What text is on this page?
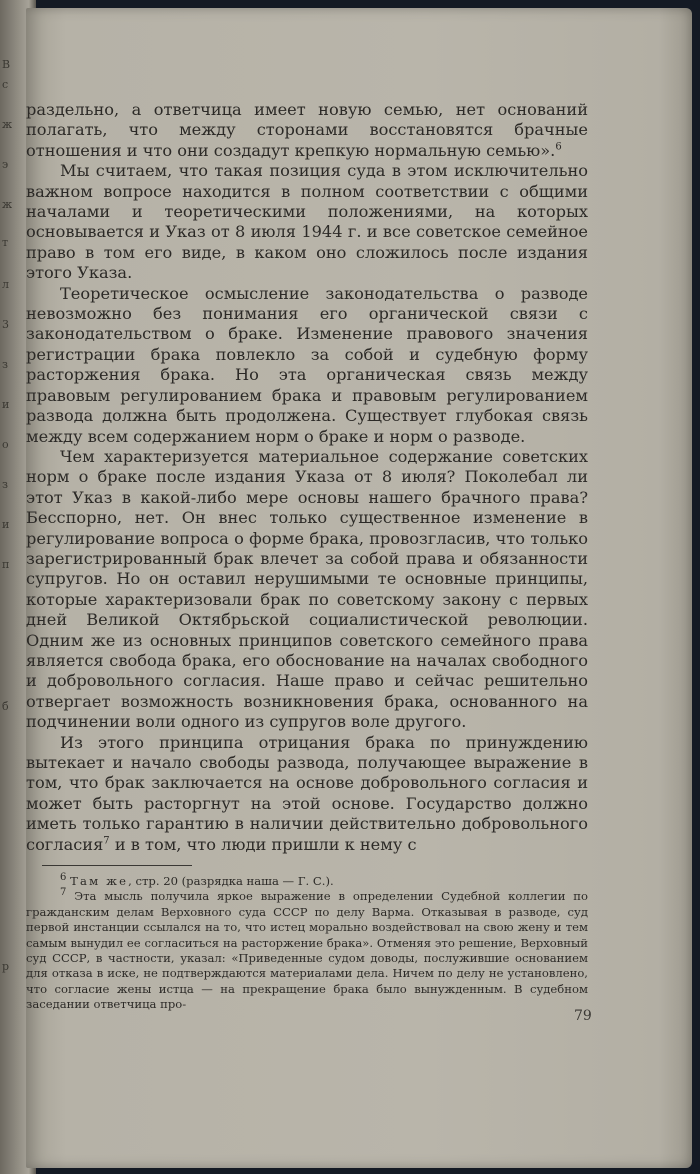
В
с
ж
э
ж
т
л
3
з
и
о
з
и
п
б
р

раздельно, а ответчица имеет новую семью, нет оснований полагать, что между сторонами восстановятся брачные отношения и что они создадут крепкую нормальную семью».$^6$

Мы считаем, что такая позиция суда в этом исключительно важном вопросе находится в полном соответствии с общими началами и теоретическими положениями, на которых основывается и Указ от 8 июля 1944 г. и все советское семейное право в том его виде, в каком оно сложилось после издания этого Указа.

Теоретическое осмысление законодательства о разводе невозможно без понимания его органической связи с законодательством о браке. Изменение правового значения регистрации брака повлекло за собой и судебную форму расторжения брака. Но эта органическая связь между правовым регулированием брака и правовым регулированием развода должна быть продолжена. Существует глубокая связь между всем содержанием норм о браке и норм о разводе.

Чем характеризуется материальное содержание советских норм о браке после издания Указа от 8 июля? Поколебал ли этот Указ в какой-либо мере основы нашего брачного права? Бесспорно, нет. Он внес только существенное изменение в регулирование вопроса о форме брака, провозгласив, что только зарегистрированный брак влечет за собой права и обязанности супругов. Но он оставил нерушимыми те основные принципы, которые характеризовали брак по советскому закону с первых дней Великой Октябрьской социалистической революции. Одним же из основных принципов советского семейного права является свобода брака, его обоснование на началах свободного и добровольного согласия. Наше право и сейчас решительно отвергает возможность возникновения брака, основанного на подчинении воли одного из супругов воле другого.

Из этого принципа отрицания брака по принуждению вытекает и начало свободы развода, получающее выражение в том, что брак заключается на основе добровольного согласия и может быть расторгнут на этой основе. Государство должно иметь только гарантию в наличии действительно добровольного согласия$^7$ и в том, что люди пришли к нему с

$^6$ Там же, стр. 20 (разрядка наша — Г. С.).

$^7$ Эта мысль получила яркое выражение в определении Судебной коллегии по гражданским делам Верховного суда СССР по делу Варма. Отказывая в разводе, суд первой инстанции ссылался на то, что истец морально воздействовал на свою жену и тем самым вынудил ее согласиться на расторжение брака». Отменяя это решение, Верховный суд СССР, в частности, указал: «Приведенные судом доводы, послужившие основанием для отказа в иске, не подтверждаются материалами дела. Ничем по делу не установлено, что согласие жены истца — на прекращение брака было вынужденным. В судебном заседании ответчица про-

79
